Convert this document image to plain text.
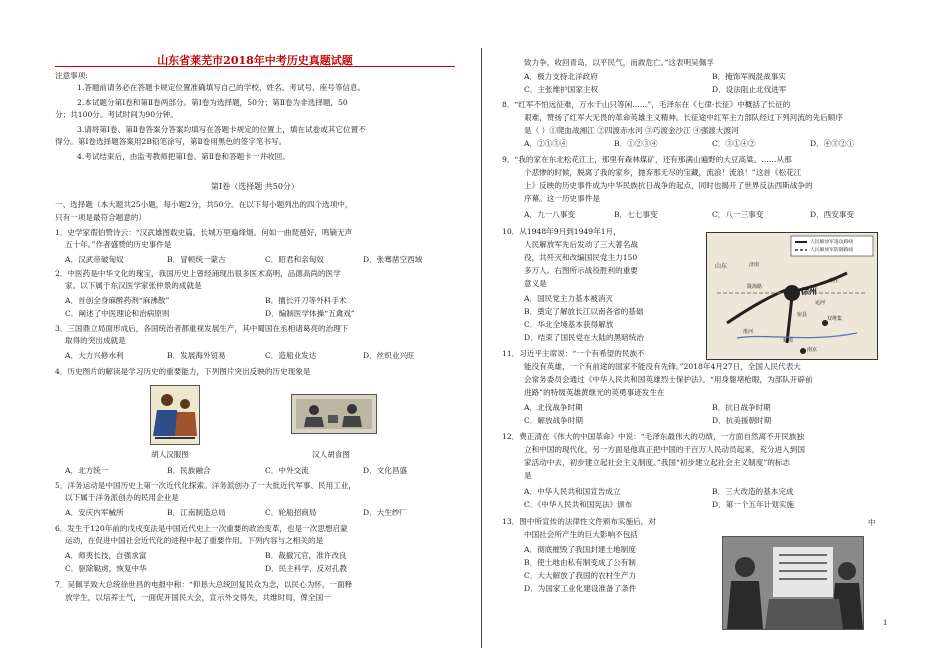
山东省莱芜市2018年中考历史真题试题
注意事项:
1.答题前请务必在答题卡规定位置准确填写自己的学校、姓名、考试号、座号等信息。
2.本试题分第Ⅰ卷和第Ⅱ卷两部分。第Ⅰ卷为选择题，50分；第Ⅱ卷为非选择题，50
分；共100分。考试时间为90分钟。
3.请将第Ⅰ卷、第Ⅱ卷答案分答案均填写在答题卡规定的位置上，填在试卷或其它位置不
得分。第Ⅰ卷选择题答案用2B铅笔涂写，第Ⅱ卷用黑色的签字笔书写。
4.考试结束后，由监考教师把第Ⅰ卷、第Ⅱ卷和答题卡一并收回。
第Ⅰ卷（选择题 共50分）
一、选择题（本大题共25小题，每小题2分，共50分。在以下每小题列出的四个选项中，
只有一项是最符合题意的）
1．史学家徦伯赞诗云：“汉武雄图载史篇，长城万里遍烽烟。何如一曲琵琶好，鸣镝无声
五十年。”作者盛赞的历史事件是
A．汉武帝破匈奴	B．冒顿统一蒙古	C．昭君和亲匈奴	D．张骞凿空西域
2．中医药是中华文化的瑰宝，我国历史上曾经涌现出很多医术高明，品德高尚的医学
家。以下属于东汉医学家张仲景的成就是
A．首创全身麻醉药剂“麻沸散”	B．擅长开刀等外科手术
C．阐述了中医理论和治病原则	D．编制医学体操“五禽戏”
3．三国鼎立局面形成后，各国统治者都重视发展生产，其中蜀国在丞相诸葛亮的治理下
取得的突出成就是
A．大力兴修水利	B．发展海外贸易	C．造船业发达	D．丝织业兴旺
4．历史图片的解读是学习历史的重要能力，下列图片突出反映的历史现象是
胡人汉服图	汉人胡食图
A．北方统一	B．民族融合	C．中外交流	D．文化昌盛
5．洋务运动是中国历史上第一次近代化探索。洋务派创办了一大批近代军事、民用工业，
以下属于洋务派创办的民用企业是
A．安庆内军械所	B．江南制造总局	C．轮船招商局	D．大生纱厂
6．发生于120年前的戊戌变法是中国近代史上一次重要的政治变革，也是一次思想启蒙
运动，在促进中国社会近代化的进程中起了重要作用。下列内容与之相关的是
A．师夷长技，自强求富	B．裁撤冗官，准许改良
C．驱除鞑虏，恢复中华	D．民主科学，反对孔教
7．吴佩孚致大总统徐世昌的电报中称：“仰恳大总统回复民众为念，以民心为怀，一面释
放学生，以培养士气，一面促开国民大会，宣示外交得失，共维时局，俾全国一
致力争，收回青岛，以平民气，而救危亡。”这表明吴佩孚
A．极力支持北洋政府	B．掩饰军阀混战事实
C．主张维护国家主权	D．设法阻止北伐进军
8．“红军不怕远征难，万水千山只等闲……”，毛泽东在《七律·长征》中概括了长征的
艰难，赞扬了红军大无畏的革命英雄主义精神。长征途中红军主力部队经过下列河流的先后顺序
是（ ）①爬血战湘江 ②四渡赤水河 ③巧渡金沙江 ④强渡大渡河
A．②①③④	B．①②③④	C．③①④②	D．④③②①
9．“我的家在东北松花江上，那里有森林煤矿，还有那满山遍野的大豆高粱。……从那
个悲惨的时候，脱离了我的家乡，抛弃那无尽的宝藏，流浪！流浪！”这首《松花江
上》反映的历史事件成为中华民族抗日战争的起点，同时也揭开了世界反法西斯战争的
序幕。这一历史事件是
A．九一八事变	B．七七事变	C．八一三事变	D．西安事变
10．从1948年9月到1949年1月，
人民解放军先后发动了三大著名战
役，共歼灭和改编国民党主力150
多万人。右图所示战役胜利的重要
意义是
A．国民党主力基本被消灭
B．奠定了解放长江以南各省的基础
C．华北全境基本获得解放
D．结束了国民党在大陆的黑暗统治
人民解放军进攻路线
人民解放军防御路线
徐州
山东
陇海路
碾庄
济南
双堆集
蚌埠
南京
运河
宿县
淮河
11．习近平主席说：“一个有希望的民族不
能没有英雄，一个有前途的国家不能没有先锋。”2018年4月27日，全国人民代表大
会常务委员会通过《中华人民共和国英雄烈士保护法》。“用身躯堵枪眼，为部队开辟前
进路”的特级英雄黄继光的英勇事迹发生在
A．北伐战争时期	B．抗日战争时期
C．解放战争时期	D．抗美援朝时期
12．费正清在《伟大的中国革命》中说：“毛泽东最伟大的功绩，一方面自然离不开民族独
立和中国的现代化，另一方面是他真正把中国的千百万人民动员起来，充分进入到国
家活动中去，初步建立起社会主义制度。”我国“初步建立起社会主义制度”的标志
是
A．中华人民共和国宣告成立	B．三大改造的基本完成
C．《中华人民共和国宪法》颁布	D．第一个五年计划实施
13．图中所宣传的法律性文件颁布实施后，对
中国社会所产生的巨大影响不包括
中
A．彻底摧毁了我国封建土地制度
B．使土地由私有制变成了公有制
C．大大解放了我国的农村生产力
D．为国家工业化建设准备了条件
1
